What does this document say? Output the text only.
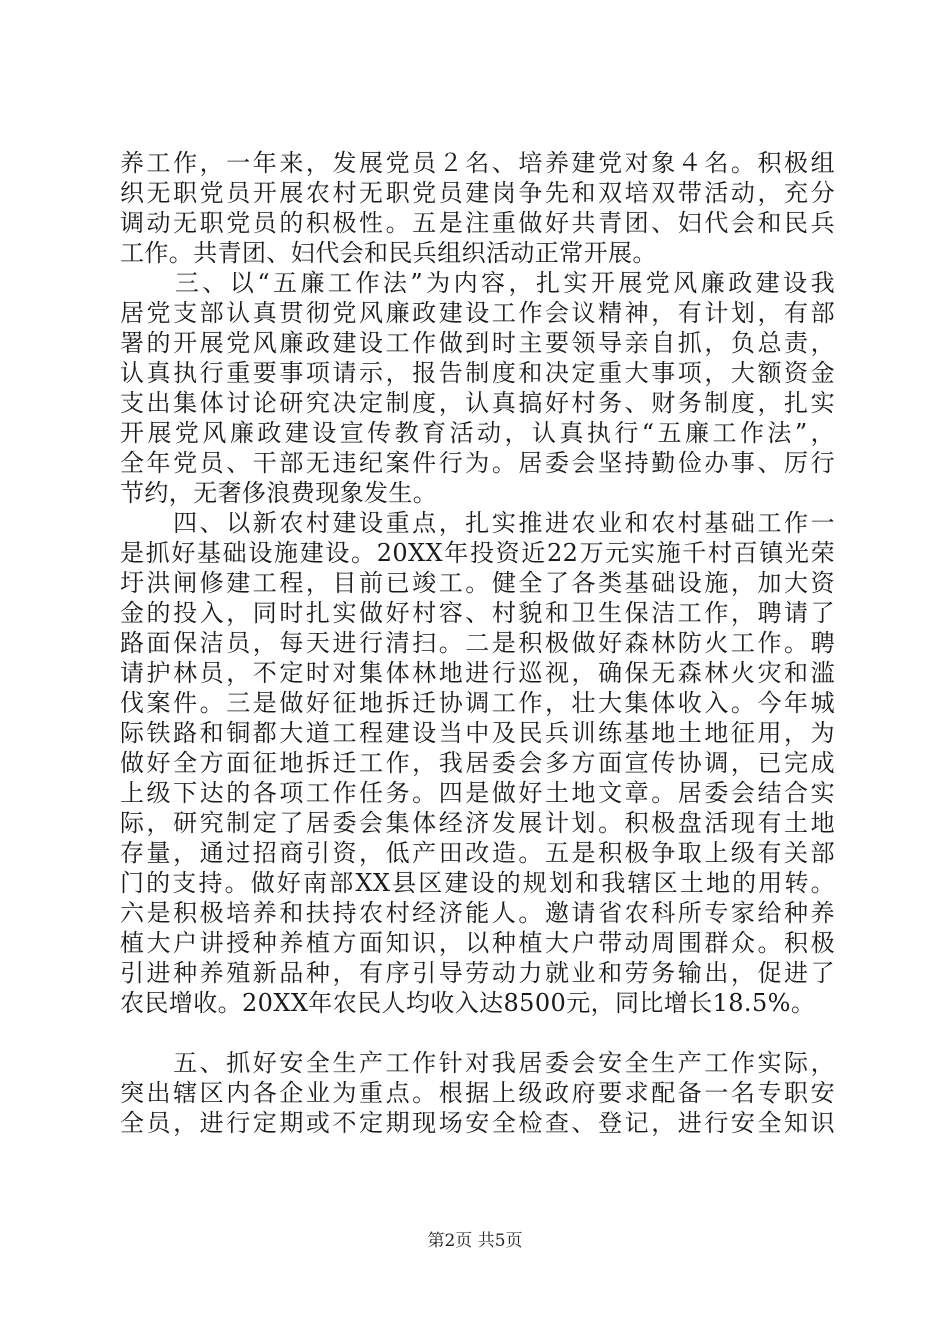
养工作，一年来，发展党员２名、培养建党对象４名。积极组
织无职党员开展农村无职党员建岗争先和双培双带活动，充分
调动无职党员的积极性。五是注重做好共青团、妇代会和民兵
工作。共青团、妇代会和民兵组织活动正常开展。
　　三、以“五廉工作法”为内容，扎实开展党风廉政建设我
居党支部认真贯彻党风廉政建设工作会议精神，有计划，有部
署的开展党风廉政建设工作做到时主要领导亲自抓，负总责，
认真执行重要事项请示，报告制度和决定重大事项，大额资金
支出集体讨论研究决定制度，认真搞好村务、财务制度，扎实
开展党风廉政建设宣传教育活动，认真执行“五廉工作法”，
全年党员、干部无违纪案件行为。居委会坚持勤俭办事、厉行
节约，无奢侈浪费现象发生。
　　四、以新农村建设重点，扎实推进农业和农村基础工作一
是抓好基础设施建设。20XX年投资近22万元实施千村百镇光荣
圩洪闸修建工程，目前已竣工。健全了各类基础设施，加大资
金的投入，同时扎实做好村容、村貌和卫生保洁工作，聘请了
路面保洁员，每天进行清扫。二是积极做好森林防火工作。聘
请护林员，不定时对集体林地进行巡视，确保无森林火灾和滥
伐案件。三是做好征地拆迁协调工作，壮大集体收入。今年城
际铁路和铜都大道工程建设当中及民兵训练基地土地征用，为
做好全方面征地拆迁工作，我居委会多方面宣传协调，已完成
上级下达的各项工作任务。四是做好土地文章。居委会结合实
际，研究制定了居委会集体经济发展计划。积极盘活现有土地
存量，通过招商引资，低产田改造。五是积极争取上级有关部
门的支持。做好南部XX县区建设的规划和我辖区土地的用转。
六是积极培养和扶持农村经济能人。邀请省农科所专家给种养
植大户讲授种养植方面知识，以种植大户带动周围群众。积极
引进种养殖新品种，有序引导劳动力就业和劳务输出，促进了
农民增收。20XX年农民人均收入达8500元，同比增长18.5%。
　　五、抓好安全生产工作针对我居委会安全生产工作实际，
突出辖区内各企业为重点。根据上级政府要求配备一名专职安
全员，进行定期或不定期现场安全检查、登记，进行安全知识
第2页 共5页
